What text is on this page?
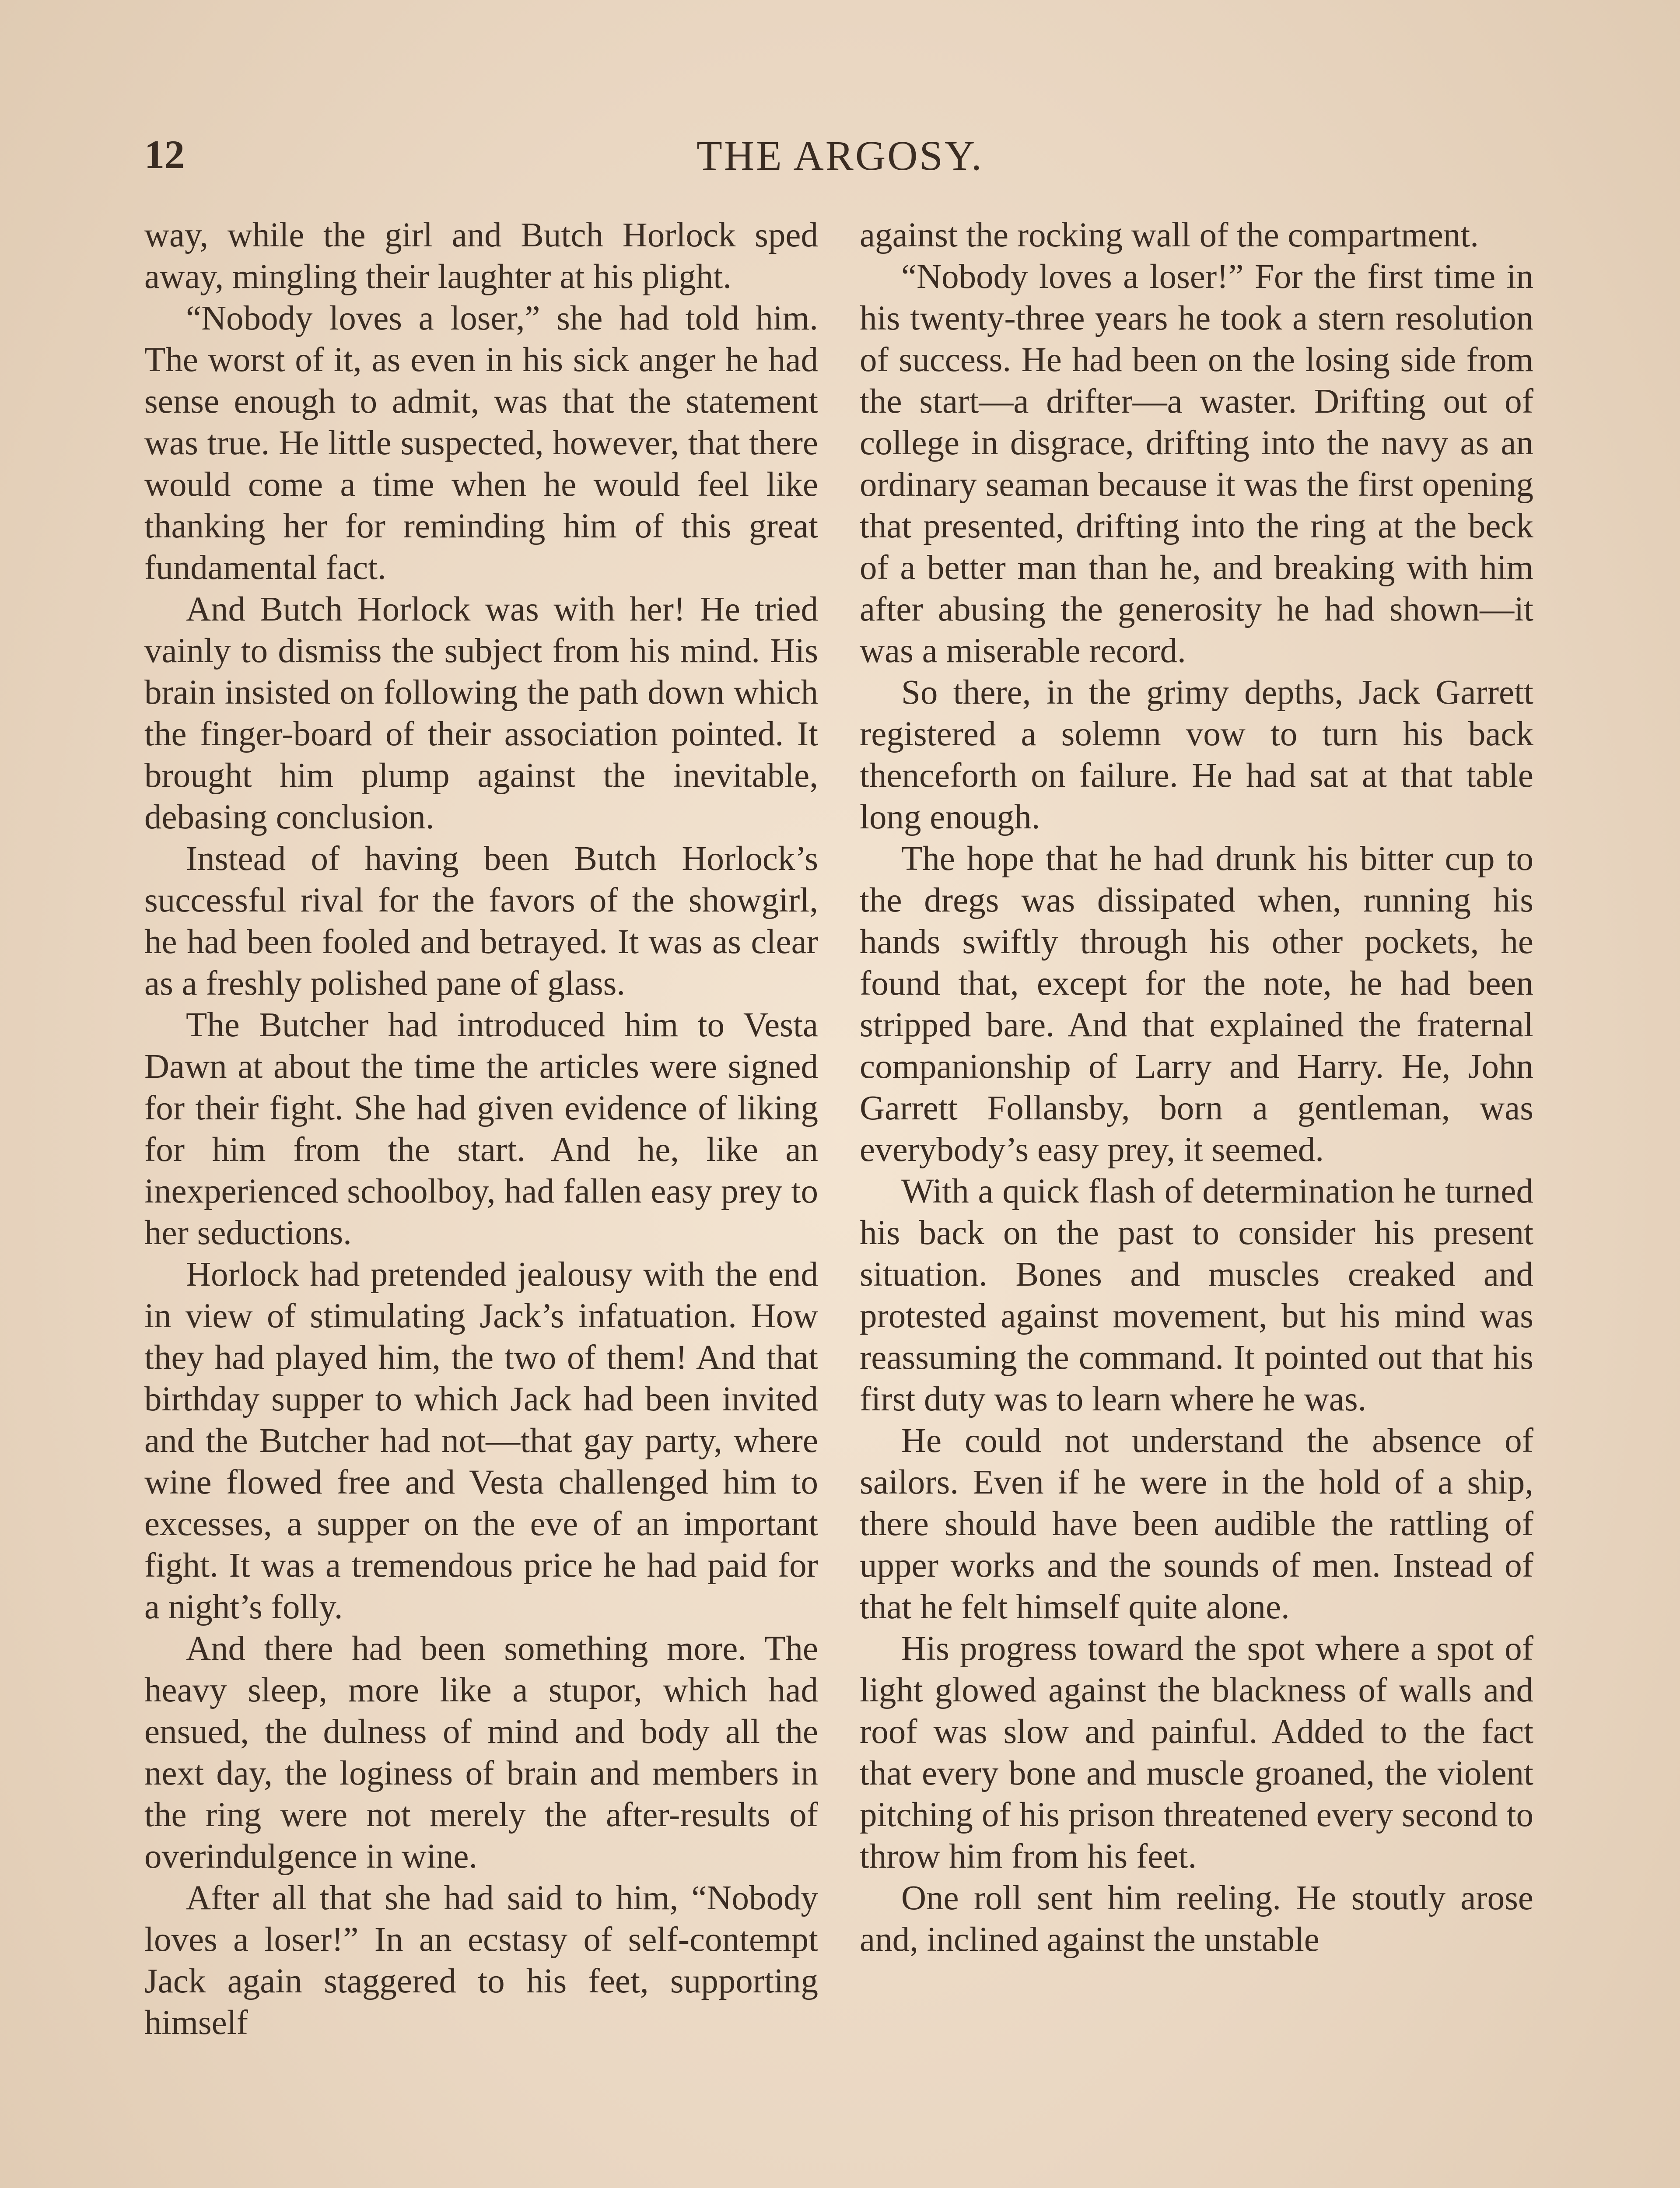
12	THE ARGOSY.

way, while the girl and Butch Horlock sped away, mingling their laughter at his plight.

“Nobody loves a loser,” she had told him. The worst of it, as even in his sick anger he had sense enough to admit, was that the statement was true. He little suspected, however, that there would come a time when he would feel like thanking her for reminding him of this great fundamental fact.

And Butch Horlock was with her! He tried vainly to dismiss the subject from his mind. His brain insisted on following the path down which the finger-board of their association pointed. It brought him plump against the inevitable, debasing conclusion.

Instead of having been Butch Horlock’s successful rival for the favors of the showgirl, he had been fooled and betrayed. It was as clear as a freshly polished pane of glass.

The Butcher had introduced him to Vesta Dawn at about the time the articles were signed for their fight. She had given evidence of liking for him from the start. And he, like an inexperienced schoolboy, had fallen easy prey to her seductions.

Horlock had pretended jealousy with the end in view of stimulating Jack’s infatuation. How they had played him, the two of them! And that birthday supper to which Jack had been invited and the Butcher had not—that gay party, where wine flowed free and Vesta challenged him to excesses, a supper on the eve of an important fight. It was a tremendous price he had paid for a night’s folly.

And there had been something more. The heavy sleep, more like a stupor, which had ensued, the dulness of mind and body all the next day, the loginess of brain and members in the ring were not merely the after-results of overindulgence in wine.

After all that she had said to him, “Nobody loves a loser!” In an ecstasy of self-contempt Jack again staggered to his feet, supporting himself

against the rocking wall of the compartment.

“Nobody loves a loser!” For the first time in his twenty-three years he took a stern resolution of success. He had been on the losing side from the start—a drifter—a waster. Drifting out of college in disgrace, drifting into the navy as an ordinary seaman because it was the first opening that presented, drifting into the ring at the beck of a better man than he, and breaking with him after abusing the generosity he had shown—it was a miserable record.

So there, in the grimy depths, Jack Garrett registered a solemn vow to turn his back thenceforth on failure. He had sat at that table long enough.

The hope that he had drunk his bitter cup to the dregs was dissipated when, running his hands swiftly through his other pockets, he found that, except for the note, he had been stripped bare. And that explained the fraternal companionship of Larry and Harry. He, John Garrett Follansby, born a gentleman, was everybody’s easy prey, it seemed.

With a quick flash of determination he turned his back on the past to consider his present situation. Bones and muscles creaked and protested against movement, but his mind was reassuming the command. It pointed out that his first duty was to learn where he was.

He could not understand the absence of sailors. Even if he were in the hold of a ship, there should have been audible the rattling of upper works and the sounds of men. Instead of that he felt himself quite alone.

His progress toward the spot where a spot of light glowed against the blackness of walls and roof was slow and painful. Added to the fact that every bone and muscle groaned, the violent pitching of his prison threatened every second to throw him from his feet.

One roll sent him reeling. He stoutly arose and, inclined against the unstable
